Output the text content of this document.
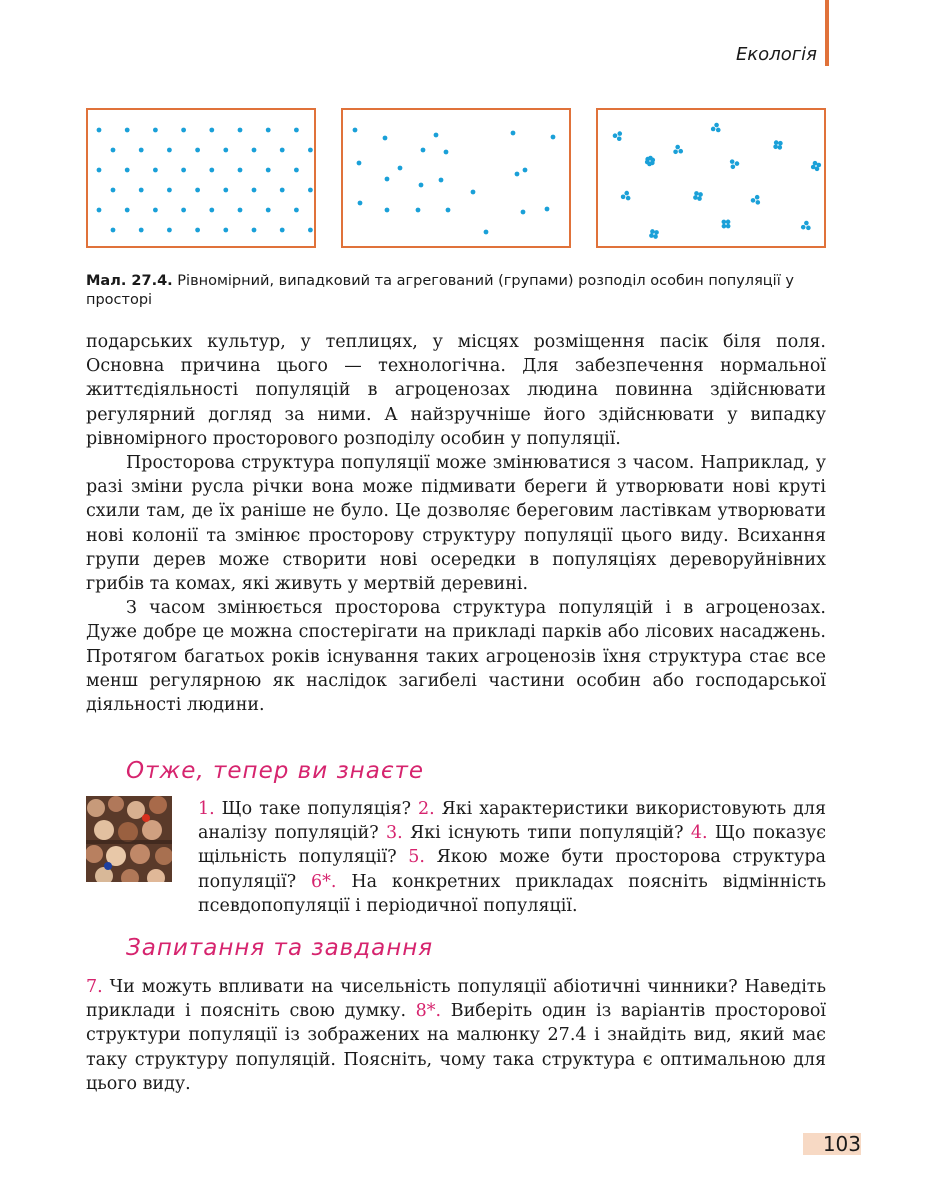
Екологія
Мал. 27.4. Рівномірний, випадковий та агрегований (групами) розподіл особин популяції у просторі

подарських культур, у теплицях, у місцях розміщення пасік біля поля. Основна причина цього — технологічна. Для забезпечення нормальної життєдіяльності популяцій в агроценозах людина повинна здійснювати регулярний догляд за ними. А найзручніше його здійснювати у випадку рівномірного просторового розподілу особин у популяції.

Просторова структура популяції може змінюватися з часом. Наприклад, у разі зміни русла річки вона може підмивати береги й утворювати нові круті схили там, де їх раніше не було. Це дозволяє береговим ластівкам утворювати нові колонії та змінює просторову структуру популяції цього виду. Всихання групи дерев може створити нові осередки в популяціях дереворуйнівних грибів та комах, які живуть у мертвій деревині.

З часом змінюється просторова структура популяцій і в агроценозах. Дуже добре це можна спостерігати на прикладі парків або лісових насаджень. Протягом багатьох років існування таких агроценозів їхня структура стає все менш регулярною як наслідок загибелі частини особин або господарської діяльності людини.

Отже, тепер ви знаєте
1. Що таке популяція? 2. Які характеристики використовують для аналізу популяцій? 3. Які існують типи популяцій? 4. Що показує щільність популяції? 5. Якою може бути просторова структура популяції? 6*. На конкретних прикладах поясніть відмінність псевдопопуляції і періодичної популяції.
Запитання та завдання
7. Чи можуть впливати на чисельність популяції абіотичні чинники? Наведіть приклади і поясніть свою думку. 8*. Виберіть один із варіантів просторової структури популяції із зображених на малюнку 27.4 і знайдіть вид, який має таку структуру популяцій. Поясніть, чому така структура є оптимальною для цього виду.
103
